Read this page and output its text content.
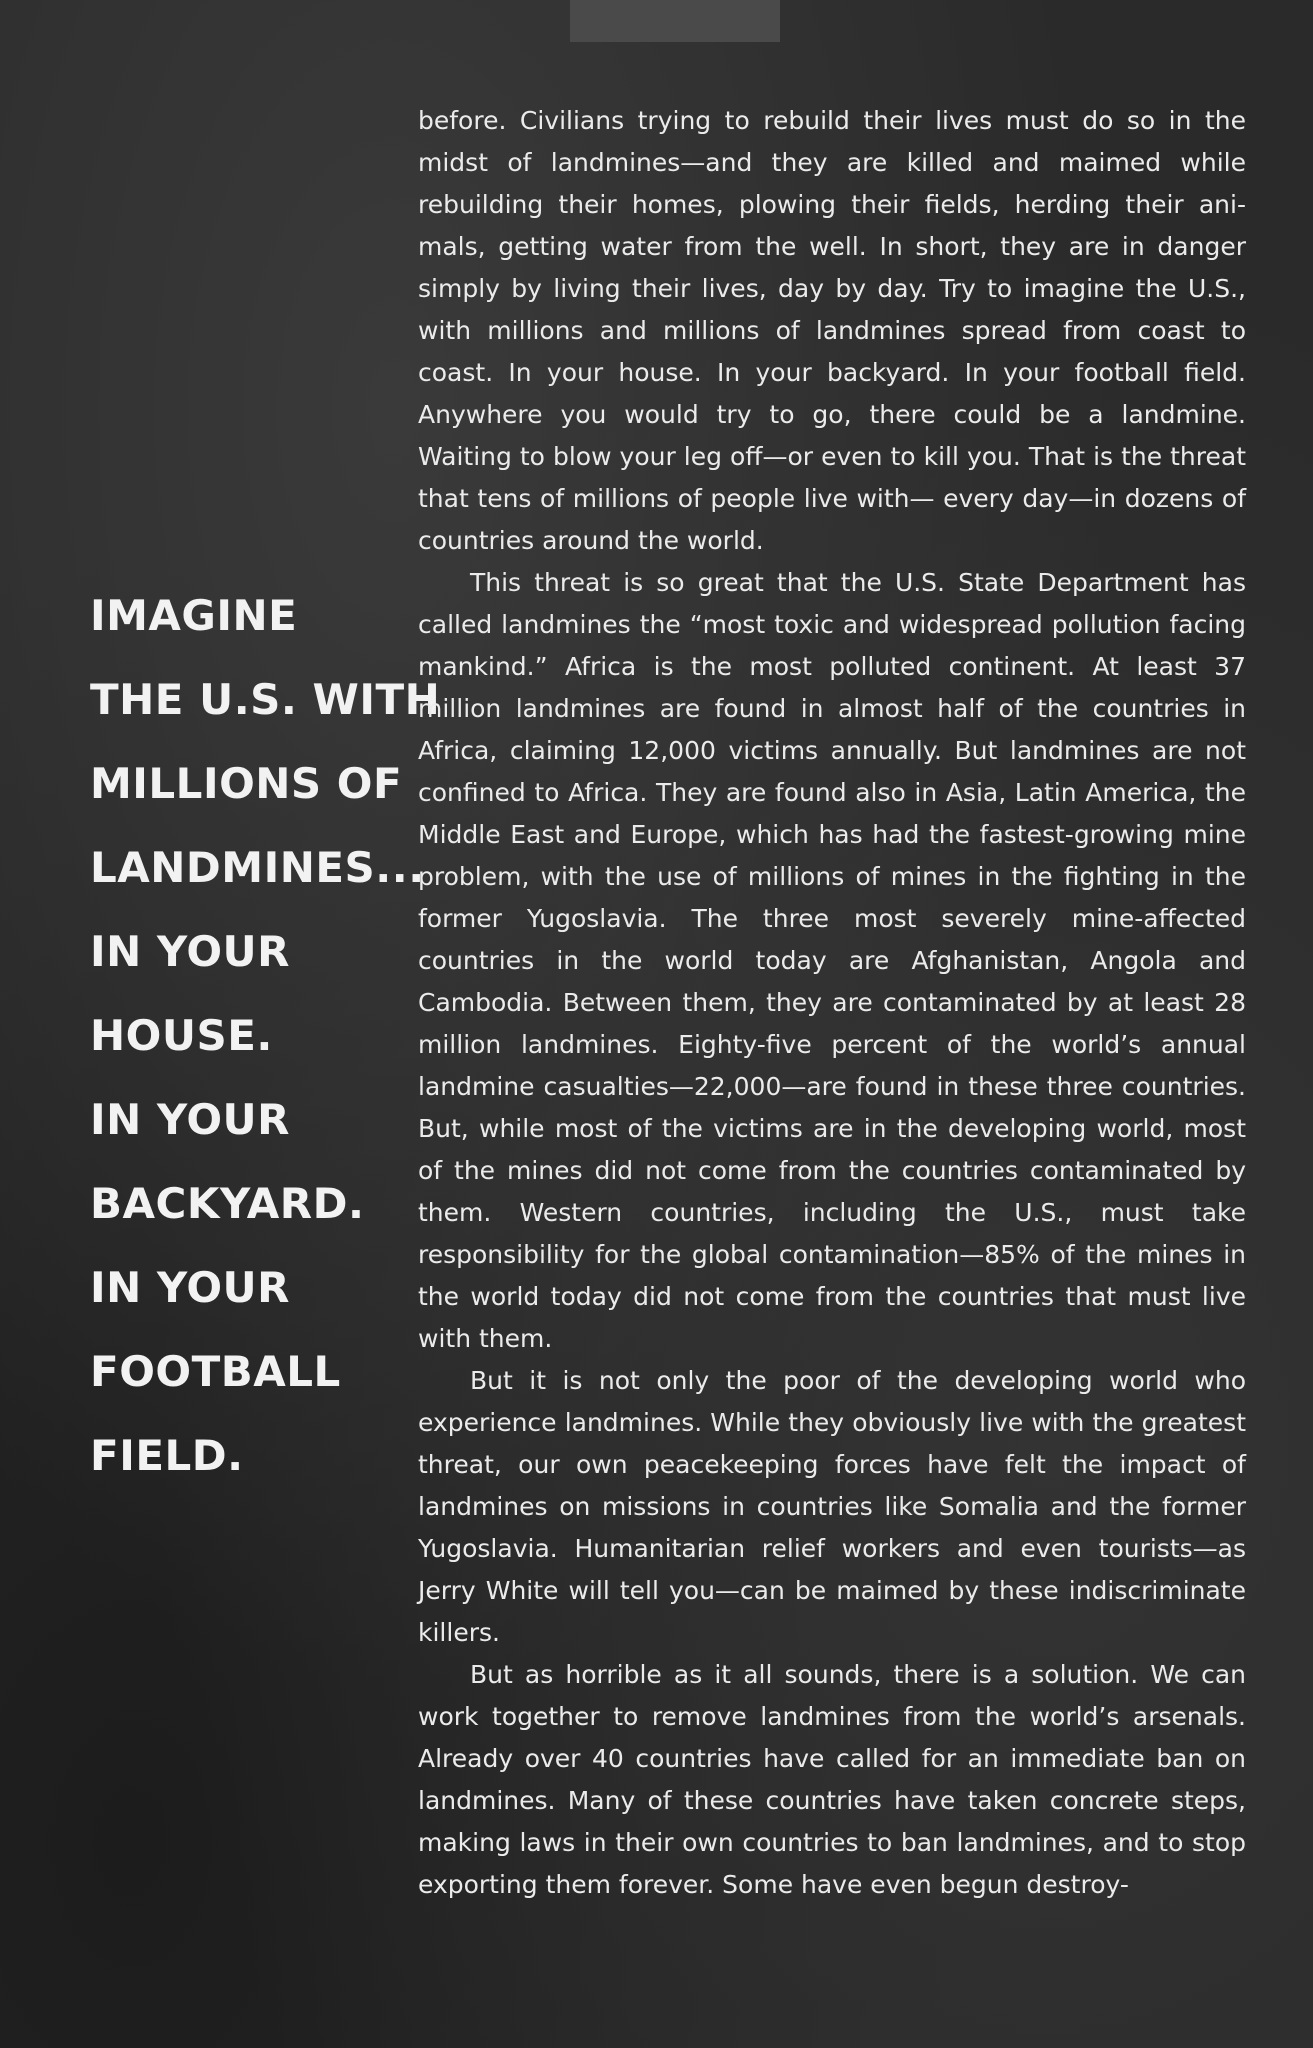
IMAGINE
THE U.S. WITH
MILLIONS OF
LANDMINES...
IN YOUR
HOUSE.
IN YOUR
BACKYARD.
IN YOUR
FOOTBALL
FIELD.

before. Civilians trying to rebuild their lives must do so in the midst of landmines—and they are killed and maimed while rebuilding their homes, plowing their fields, herding their animals, getting water from the well. In short, they are in danger simply by living their lives, day by day. Try to imagine the U.S., with millions and millions of landmines spread from coast to coast. In your house. In your backyard. In your football field. Anywhere you would try to go, there could be a landmine. Waiting to blow your leg off—or even to kill you. That is the threat that tens of millions of people live with— every day—in dozens of countries around the world.

This threat is so great that the U.S. State Department has called landmines the “most toxic and widespread pollution facing mankind.” Africa is the most polluted continent. At least 37 million landmines are found in almost half of the countries in Africa, claiming 12,000 victims annually. But landmines are not confined to Africa. They are found also in Asia, Latin America, the Middle East and Europe, which has had the fastest-growing mine problem, with the use of millions of mines in the fighting in the former Yugoslavia. The three most severely mine-affected countries in the world today are Afghanistan, Angola and Cambodia. Between them, they are contaminated by at least 28 million landmines. Eighty-five percent of the world’s annual landmine casualties—22,000—are found in these three countries. But, while most of the victims are in the developing world, most of the mines did not come from the countries contaminated by them. Western countries, including the U.S., must take responsibility for the global contamination—85% of the mines in the world today did not come from the countries that must live with them.

But it is not only the poor of the developing world who experience landmines. While they obviously live with the greatest threat, our own peacekeeping forces have felt the impact of landmines on missions in countries like Somalia and the former Yugoslavia. Humanitarian relief workers and even tourists—as Jerry White will tell you—can be maimed by these indiscriminate killers.

But as horrible as it all sounds, there is a solution. We can work together to remove landmines from the world’s arsenals. Already over 40 countries have called for an immediate ban on landmines. Many of these countries have taken concrete steps, making laws in their own countries to ban landmines, and to stop exporting them forever. Some have even begun destroy-
